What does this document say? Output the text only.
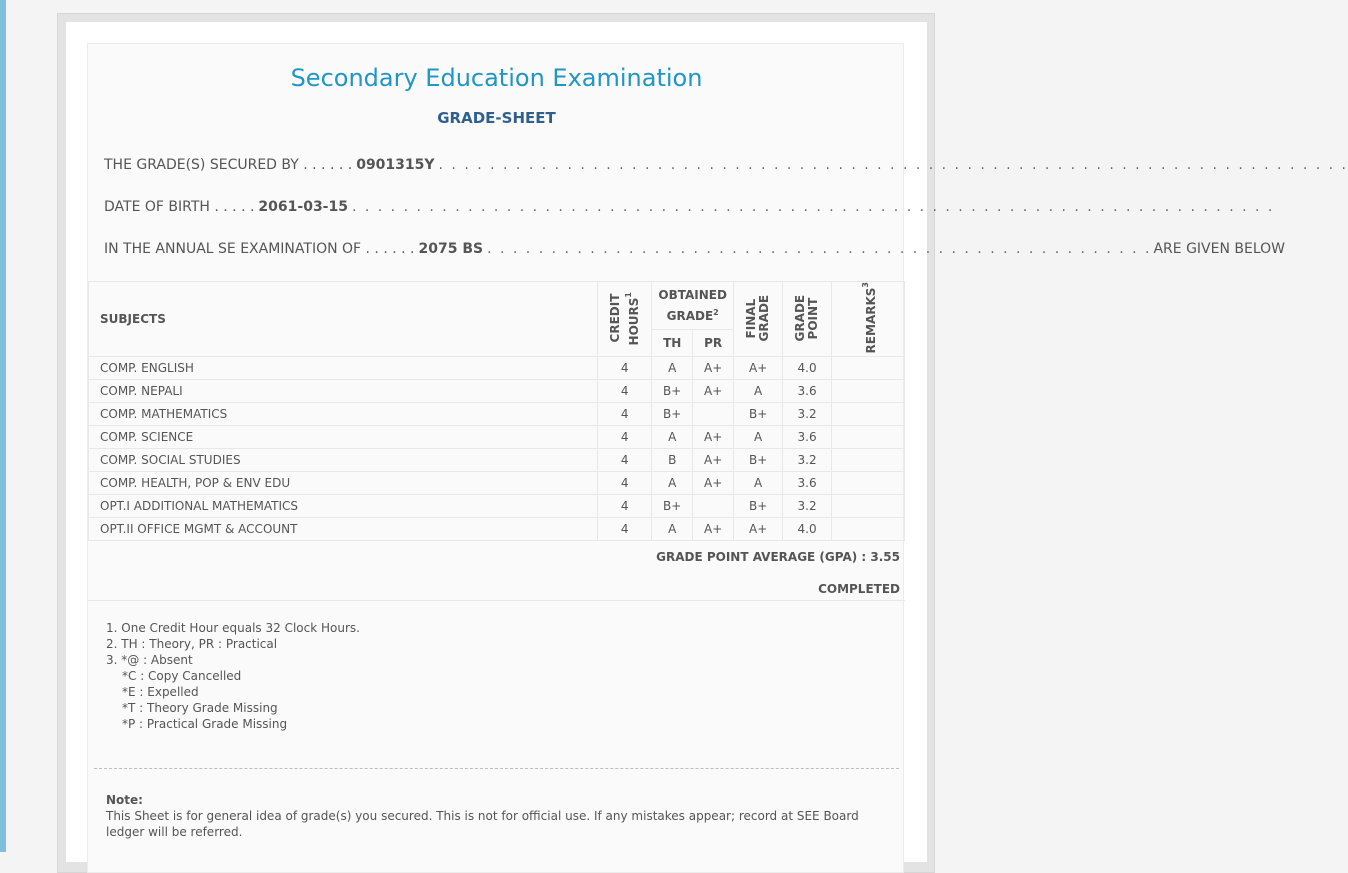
Secondary Education Examination
GRADE-SHEET
THE GRADE(S) SECURED BY . . . . . . 0901315Y . . . . . . . . . . . . . . . . . . . . . . . . . . . . . . . . . . . . . . . . . . . . . . . . . . . . . . . . . . . . . . . . . . . . . . .
DATE OF BIRTH . . . . . 2061-03-15 . . . . . . . . . . . . . . . . . . . . . . . . . . . . . . . . . . . . . . . . . . . . . . . . . . . . . . . . . . . . . . . . . . . . . . . .
IN THE ANNUAL SE EXAMINATION OF . . . . . . 2075 BS . . . . . . . . . . . . . . . . . . . . . . . . . . . . . . . . . . . . . . . . . . . . . . . . . . . . ARE GIVEN BELOW
SUBJECTS	CREDIT HOURS$^1$	OBTAINED GRADE$^2$		FINAL GRADE	GRADE POINT	REMARKS$^3$
		TH	PR			
COMP. ENGLISH	4	A	A+	A+	4.0	
COMP. NEPALI	4	B+	A+	A	3.6	
COMP. MATHEMATICS	4	B+		B+	3.2	
COMP. SCIENCE	4	A	A+	A	3.6	
COMP. SOCIAL STUDIES	4	B	A+	B+	3.2	
COMP. HEALTH, POP & ENV EDU	4	A	A+	A	3.6	
OPT.I ADDITIONAL MATHEMATICS	4	B+		B+	3.2	
OPT.II OFFICE MGMT & ACCOUNT	4	A	A+	A+	4.0	
GRADE POINT AVERAGE (GPA) : 3.55
COMPLETED
1. One Credit Hour equals 32 Clock Hours.
2. TH : Theory, PR : Practical
3. *@ : Absent
*C : Copy Cancelled
*E : Expelled
*T : Theory Grade Missing
*P : Practical Grade Missing
Note:
This Sheet is for general idea of grade(s) you secured. This is not for official use. If any mistakes appear; record at SEE Board ledger will be referred.
